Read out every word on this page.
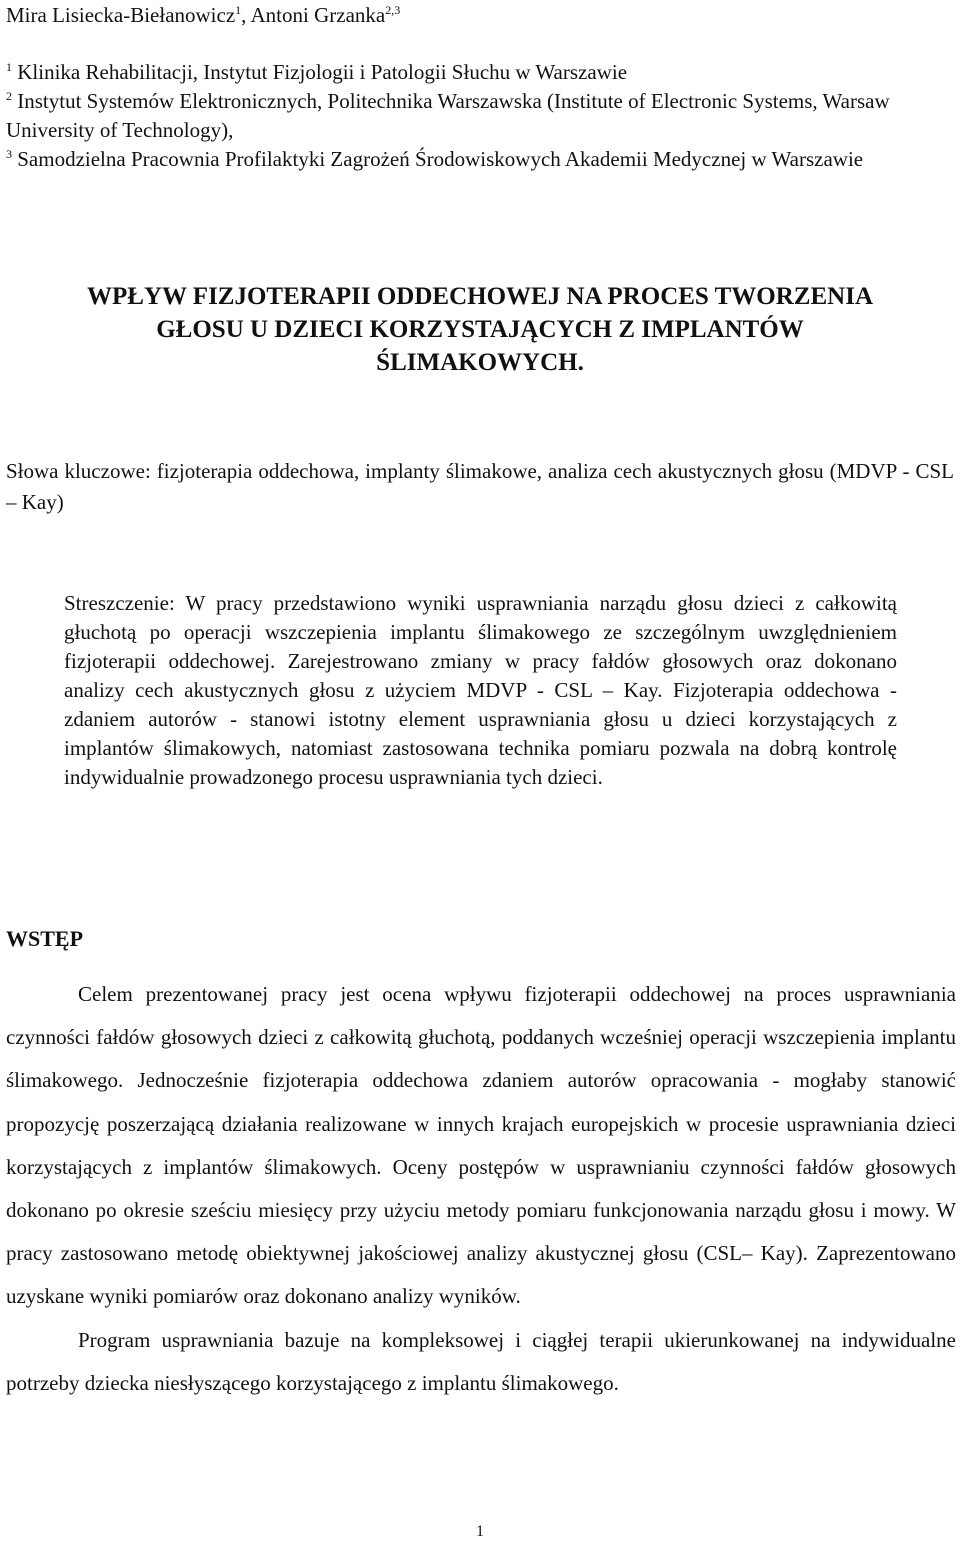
Mira Lisiecka-Biełanowicz$^1$, Antoni Grzanka$^{2,3}$
$^1$ Klinika Rehabilitacji, Instytut Fizjologii i Patologii Słuchu w Warszawie
$^2$ Instytut Systemów Elektronicznych, Politechnika Warszawska (Institute of Electronic Systems, Warsaw University of Technology),
$^3$ Samodzielna Pracownia Profilaktyki Zagrożeń Środowiskowych Akademii Medycznej w Warszawie
WPŁYW FIZJOTERAPII ODDECHOWEJ NA PROCES TWORZENIA
GŁOSU U DZIECI KORZYSTAJĄCYCH Z IMPLANTÓW
ŚLIMAKOWYCH.
Słowa kluczowe: fizjoterapia oddechowa, implanty ślimakowe, analiza cech akustycznych głosu (MDVP - CSL – Kay)
Streszczenie: W pracy przedstawiono wyniki usprawniania narządu głosu dzieci z całkowitą głuchotą po operacji wszczepienia implantu ślimakowego ze szczególnym uwzględnieniem fizjoterapii oddechowej. Zarejestrowano zmiany w pracy fałdów głosowych oraz dokonano analizy cech akustycznych głosu z użyciem MDVP - CSL – Kay. Fizjoterapia oddechowa - zdaniem autorów - stanowi istotny element usprawniania głosu u dzieci korzystających z implantów ślimakowych, natomiast zastosowana technika pomiaru pozwala na dobrą kontrolę indywidualnie prowadzonego procesu usprawniania tych dzieci.
WSTĘP

Celem prezentowanej pracy jest ocena wpływu fizjoterapii oddechowej na proces usprawniania czynności fałdów głosowych dzieci z całkowitą głuchotą, poddanych wcześniej operacji wszczepienia implantu ślimakowego. Jednocześnie fizjoterapia oddechowa zdaniem autorów opracowania - mogłaby stanowić propozycję poszerzającą działania realizowane w innych krajach europejskich w procesie usprawniania dzieci korzystających z implantów ślimakowych. Oceny postępów w usprawnianiu czynności fałdów głosowych dokonano po okresie sześciu miesięcy przy użyciu metody pomiaru funkcjonowania narządu głosu i mowy. W pracy zastosowano metodę obiektywnej jakościowej analizy akustycznej głosu (CSL– Kay). Zaprezentowano uzyskane wyniki pomiarów oraz dokonano analizy wyników.

Program usprawniania bazuje na kompleksowej i ciągłej terapii ukierunkowanej na indywidualne potrzeby dziecka niesłyszącego korzystającego z implantu ślimakowego.

1
